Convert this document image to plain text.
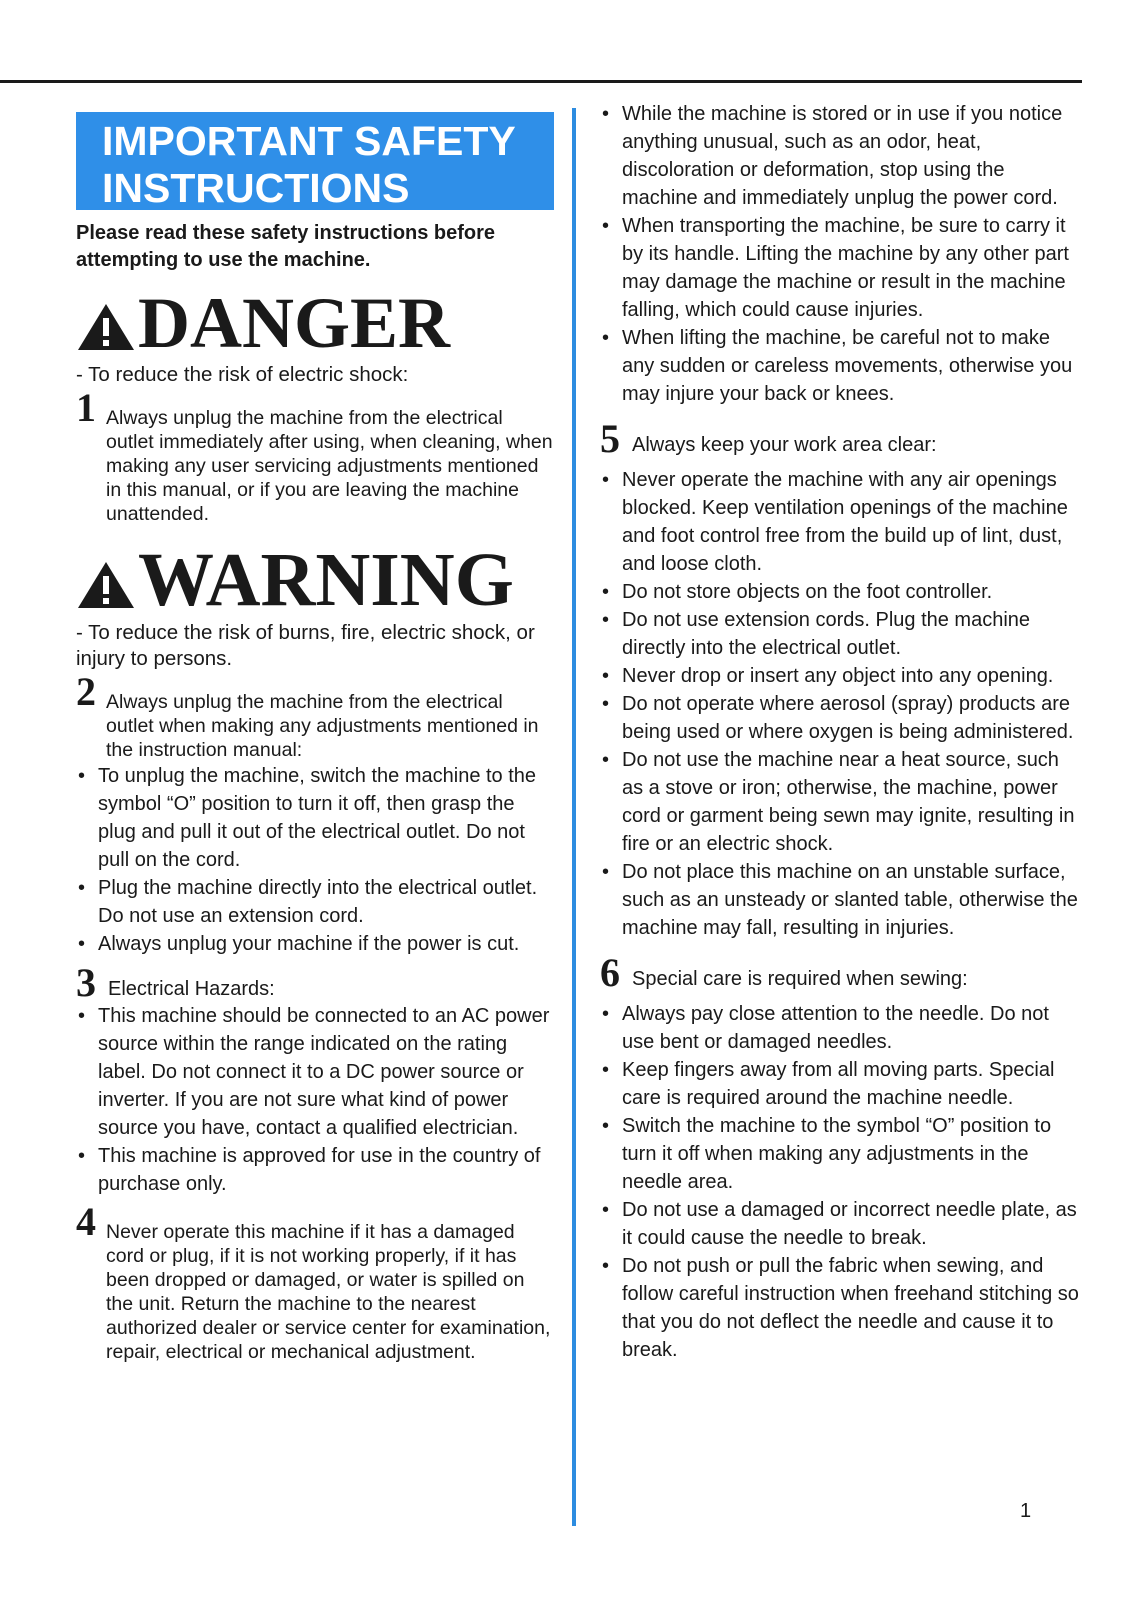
IMPORTANT SAFETY
INSTRUCTIONS
Please read these safety instructions before attempting to use the machine.
DANGER
- To reduce the risk of electric shock:
1 Always unplug the machine from the electrical outlet immediately after using, when cleaning, when making any user servicing adjustments mentioned in this manual, or if you are leaving the machine unattended.
WARNING
- To reduce the risk of burns, fire, electric shock, or injury to persons.
2 Always unplug the machine from the electrical outlet when making any adjustments mentioned in the instruction manual:
• To unplug the machine, switch the machine to the symbol “O” position to turn it off, then grasp the plug and pull it out of the electrical outlet. Do not pull on the cord.
• Plug the machine directly into the electrical outlet. Do not use an extension cord.
• Always unplug your machine if the power is cut.
3 Electrical Hazards:
• This machine should be connected to an AC power source within the range indicated on the rating label. Do not connect it to a DC power source or inverter. If you are not sure what kind of power source you have, contact a qualified electrician.
• This machine is approved for use in the country of purchase only.
4 Never operate this machine if it has a damaged cord or plug, if it is not working properly, if it has been dropped or damaged, or water is spilled on the unit. Return the machine to the nearest authorized dealer or service center for examination, repair, electrical or mechanical adjustment.
• While the machine is stored or in use if you notice anything unusual, such as an odor, heat, discoloration or deformation, stop using the machine and immediately unplug the power cord.
• When transporting the machine, be sure to carry it by its handle. Lifting the machine by any other part may damage the machine or result in the machine falling, which could cause injuries.
• When lifting the machine, be careful not to make any sudden or careless movements, otherwise you may injure your back or knees.
5 Always keep your work area clear:
• Never operate the machine with any air openings blocked. Keep ventilation openings of the machine and foot control free from the build up of lint, dust, and loose cloth.
• Do not store objects on the foot controller.
• Do not use extension cords. Plug the machine directly into the electrical outlet.
• Never drop or insert any object into any opening.
• Do not operate where aerosol (spray) products are being used or where oxygen is being administered.
• Do not use the machine near a heat source, such as a stove or iron; otherwise, the machine, power cord or garment being sewn may ignite, resulting in fire or an electric shock.
• Do not place this machine on an unstable surface, such as an unsteady or slanted table, otherwise the machine may fall, resulting in injuries.
6 Special care is required when sewing:
• Always pay close attention to the needle. Do not use bent or damaged needles.
• Keep fingers away from all moving parts. Special care is required around the machine needle.
• Switch the machine to the symbol “O” position to turn it off when making any adjustments in the needle area.
• Do not use a damaged or incorrect needle plate, as it could cause the needle to break.
• Do not push or pull the fabric when sewing, and follow careful instruction when freehand stitching so that you do not deflect the needle and cause it to break.
1
